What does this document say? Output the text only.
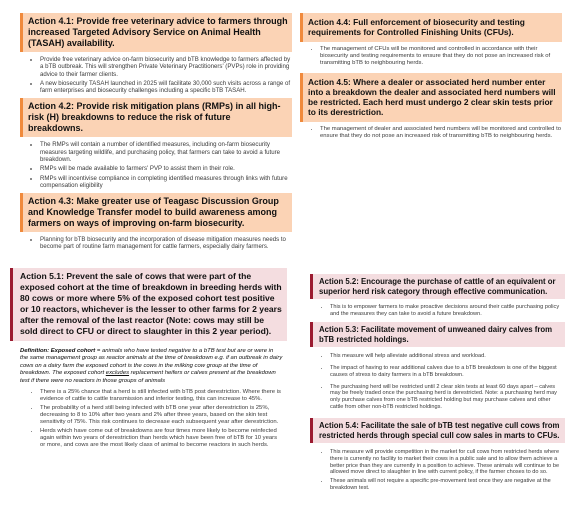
Action 4.1: Provide free veterinary advice to farmers through increased Targeted Advisory Service on Animal Health (TASAH) availability.
• Provide free veterinary advice on-farm biosecurity and bTB knowledge to farmers affected by a bTB outbreak. This will strengthen Private Veterinary Practitioners' (PVPs) role in providing advice to their farmer clients.
• A new biosecurity TASAH launched in 2025 will facilitate 30,000 such visits across a range of farm enterprises and biosecurity challenges including a specific bTB TASAH.
Action 4.2: Provide risk mitigation plans (RMPs) in all high-risk (H) breakdowns to reduce the risk of future breakdowns.
• The RMPs will contain a number of identified measures, including on-farm biosecurity measures targeting wildlife, and purchasing policy, that farmers can take to avoid a future breakdown.
• RMPs will be made available to farmers' PVP to assist them in their role.
• RMPs will incentivise compliance in completing identified measures through links with future compensation eligibility
Action 4.3: Make greater use of Teagasc Discussion Group and Knowledge Transfer model to build awareness among farmers on ways of improving on-farm biosecurity.
• Planning for bTB biosecurity and the incorporation of disease mitigation measures needs to become part of routine farm management for cattle farmers, especially dairy farmers.
Action 4.4: Full enforcement of biosecurity and testing requirements for Controlled Finishing Units (CFUs).
• The management of CFUs will be monitored and controlled in accordance with their biosecurity and testing requirements to ensure that they do not pose an increased risk of transmitting bTB to neighbouring herds.
Action 4.5: Where a dealer or associated herd number enter into a breakdown the dealer and associated herd numbers will be restricted. Each herd must undergo 2 clear skin tests prior to its derestriction.
• The management of dealer and associated herd numbers will be monitored and controlled to ensure that they do not pose an increased risk of transmitting bTB to neighbouring herds.
Action 5.1: Prevent the sale of cows that were part of the exposed cohort at the time of breakdown in breeding herds with 80 cows or more where 5% of the exposed cohort test positive or 10 reactors, whichever is the lesser to other farms for 2 years after the removal of the last reactor (Note: cows may still be sold direct to CFU or direct to slaughter in this 2 year period).

Definition: Exposed cohort = animals who have tested negative to a bTB test but are or were in the same management group as reactor animals at the time of breakdown e.g. if an outbreak in dairy cows on a dairy farm the exposed cohort is the cows in the milking cow group at the time of breakdown. The exposed cohort excludes replacement heifers or calves present at the breakdown test if there were no reactors in those groups of animals

• There is a 25% chance that a herd is still infected with bTB post derestriction. Where there is evidence of cattle to cattle transmission and inferior testing, this can increase to 45%.
• The probability of a herd still being infected with bTB one year after derestriction is 25%, decreasing to 8 to 10% after two years and 2% after three years, based on the skin test sensitivity of 75%. This risk continues to decrease each subsequent year after derestriction.
• Herds which have come out of breakdowns are four times more likely to become reinfected again within two years of derestriction than herds which have been free of bTB for 10 years or more, and cows are the most likely class of animal to become reactors in such herds.
Action 5.2: Encourage the purchase of cattle of an equivalent or superior herd risk category through effective communication.
• This is to empower farmers to make proactive decisions around their cattle purchasing policy and the measures they can take to avoid a future breakdown.
Action 5.3: Facilitate movement of unweaned dairy calves from bTB restricted holdings.
• This measure will help alleviate additional stress and workload.
• The impact of having to rear additional calves due to a bTB breakdown is one of the biggest causes of stress to dairy farmers in a bTB breakdown.
• The purchasing herd will be restricted until 2 clear skin tests at least 60 days apart – calves may be freely traded once the purchasing herd is derestricted. Note: a purchasing herd may only purchase calves from one bTB restricted holding but may purchase calves and other cattle from other non-bTB restricted holdings.
Action 5.4: Facilitate the sale of bTB test negative cull cows from restricted herds through special cull cow sales in marts to CFUs.
• This measure will provide competition in the market for cull cows from restricted herds where there is currently no facility to market their cows in a public sale and to allow them achieve a better price than they are currently in a position to achieve. These animals will continue to be allowed move direct to slaughter in line with current policy, if the farmer choses to do so.
• These animals will not require a specific pre-movement test once they are negative at the breakdown test.
